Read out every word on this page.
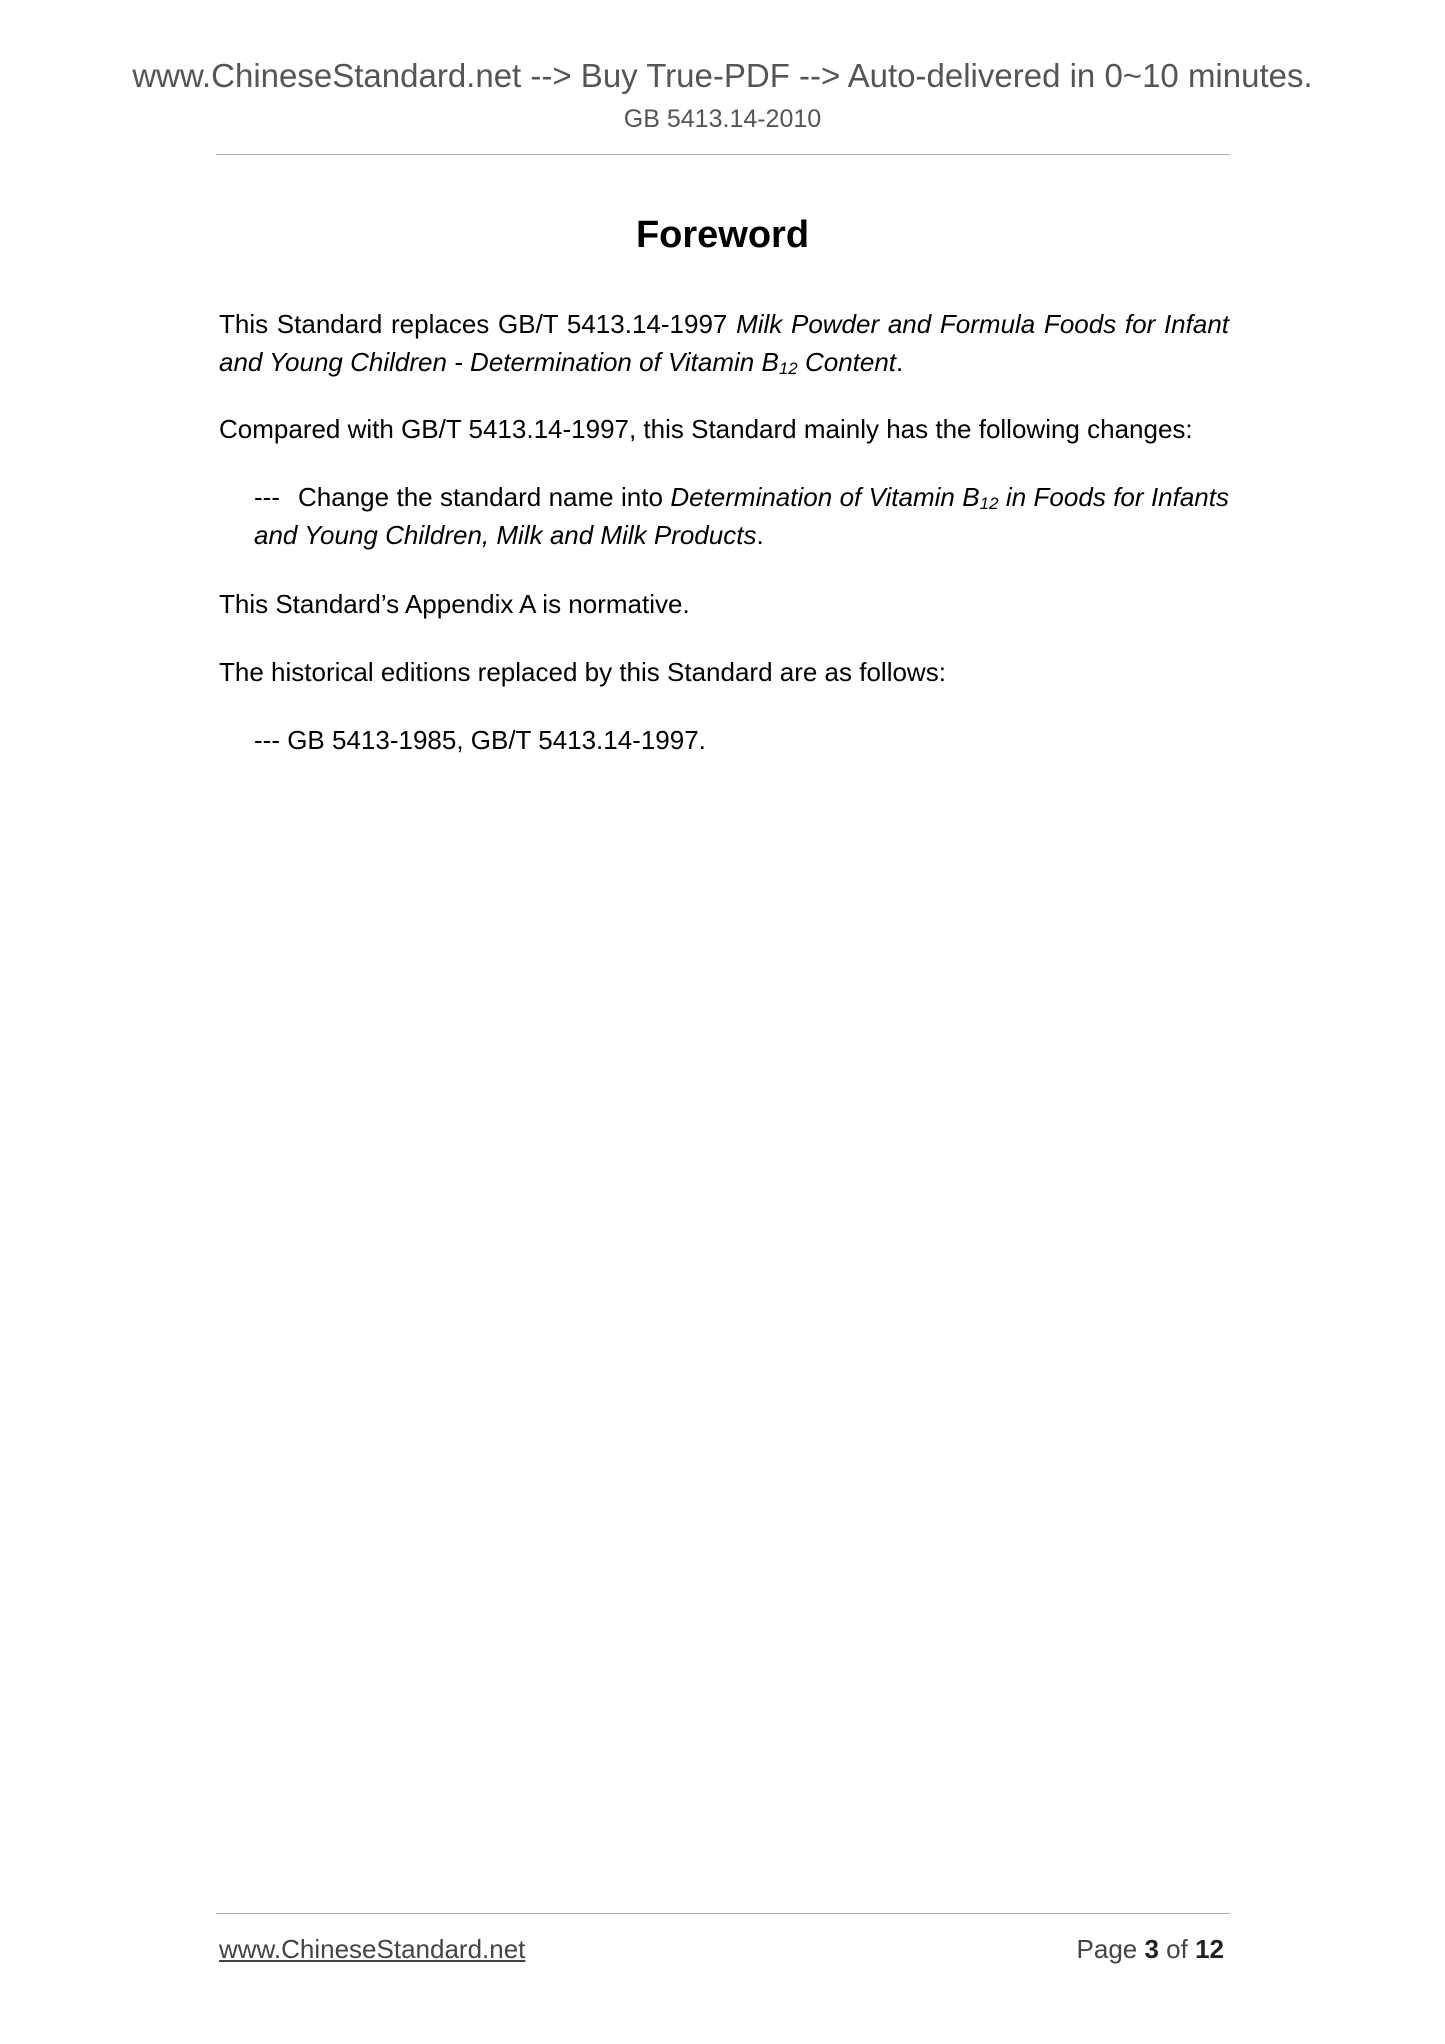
www.ChineseStandard.net --> Buy True-PDF --> Auto-delivered in 0~10 minutes.
GB 5413.14-2010
Foreword
This Standard replaces GB/T 5413.14-1997 Milk Powder and Formula Foods for Infant and Young Children - Determination of Vitamin $B_{12}$ Content.
Compared with GB/T 5413.14-1997, this Standard mainly has the following changes:
--- Change the standard name into Determination of Vitamin $B_{12}$ in Foods for Infants and Young Children, Milk and Milk Products.
This Standard’s Appendix A is normative.
The historical editions replaced by this Standard are as follows:
--- GB 5413-1985, GB/T 5413.14-1997.
www.ChineseStandard.net	Page 3 of 12
